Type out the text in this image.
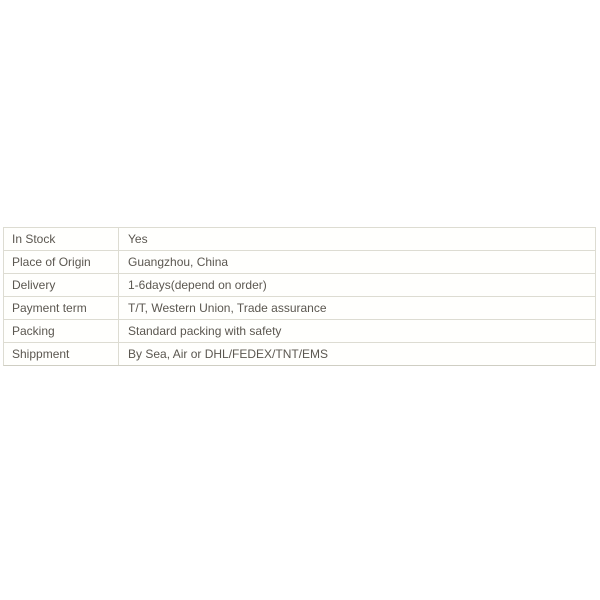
In Stock	Yes
Place of Origin	Guangzhou, China
Delivery	1-6days(depend on order)
Payment term	T/T, Western Union, Trade assurance
Packing	Standard packing with safety
Shippment	By Sea, Air or DHL/FEDEX/TNT/EMS
